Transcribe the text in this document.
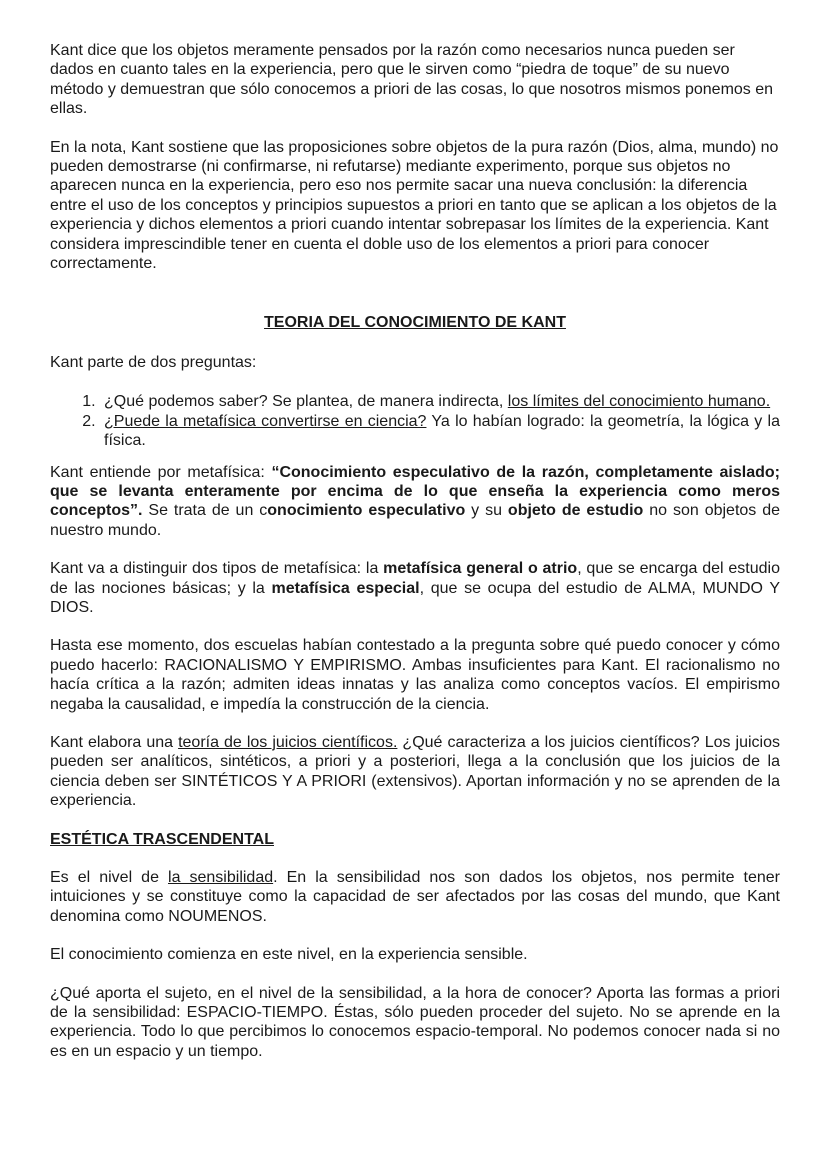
Kant dice que los objetos meramente pensados por la razón como necesarios nunca pueden ser dados en cuanto tales en la experiencia, pero que le sirven como “piedra de toque” de su nuevo método y demuestran que sólo conocemos a priori de las cosas, lo que nosotros mismos ponemos en ellas.

En la nota, Kant sostiene que las proposiciones sobre objetos de la pura razón (Dios, alma, mundo) no pueden demostrarse (ni confirmarse, ni refutarse) mediante experimento, porque sus objetos no aparecen nunca en la experiencia, pero eso nos permite sacar una nueva conclusión: la diferencia entre el uso de los conceptos y principios supuestos a priori en tanto que se aplican a los objetos de la experiencia y dichos elementos a priori cuando intentar sobrepasar los límites de la experiencia. Kant considera imprescindible tener en cuenta el doble uso de los elementos a priori para conocer correctamente.

TEORIA DEL CONOCIMIENTO DE KANT

Kant parte de dos preguntas:

1. ¿Qué podemos saber? Se plantea, de manera indirecta, los límites del conocimiento humano.
2. ¿Puede la metafísica convertirse en ciencia? Ya lo habían logrado: la geometría, la lógica y la física.

Kant entiende por metafísica: “Conocimiento especulativo de la razón, completamente aislado; que se levanta enteramente por encima de lo que enseña la experiencia como meros conceptos”. Se trata de un conocimiento especulativo y su objeto de estudio no son objetos de nuestro mundo.

Kant va a distinguir dos tipos de metafísica: la metafísica general o atrio, que se encarga del estudio de las nociones básicas; y la metafísica especial, que se ocupa del estudio de ALMA, MUNDO Y DIOS.

Hasta ese momento, dos escuelas habían contestado a la pregunta sobre qué puedo conocer y cómo puedo hacerlo: RACIONALISMO Y EMPIRISMO. Ambas insuficientes para Kant. El racionalismo no hacía crítica a la razón; admiten ideas innatas y las analiza como conceptos vacíos. El empirismo negaba la causalidad, e impedía la construcción de la ciencia.

Kant elabora una teoría de los juicios científicos. ¿Qué caracteriza a los juicios científicos? Los juicios pueden ser analíticos, sintéticos, a priori y a posteriori, llega a la conclusión que los juicios de la ciencia deben ser SINTÉTICOS Y A PRIORI (extensivos). Aportan información y no se aprenden de la experiencia.

ESTÉTICA TRASCENDENTAL

Es el nivel de la sensibilidad. En la sensibilidad nos son dados los objetos, nos permite tener intuiciones y se constituye como la capacidad de ser afectados por las cosas del mundo, que Kant denomina como NOUMENOS.

El conocimiento comienza en este nivel, en la experiencia sensible.

¿Qué aporta el sujeto, en el nivel de la sensibilidad, a la hora de conocer? Aporta las formas a priori de la sensibilidad: ESPACIO-TIEMPO. Éstas, sólo pueden proceder del sujeto. No se aprende en la experiencia. Todo lo que percibimos lo conocemos espacio-temporal. No podemos conocer nada si no es en un espacio y un tiempo.
